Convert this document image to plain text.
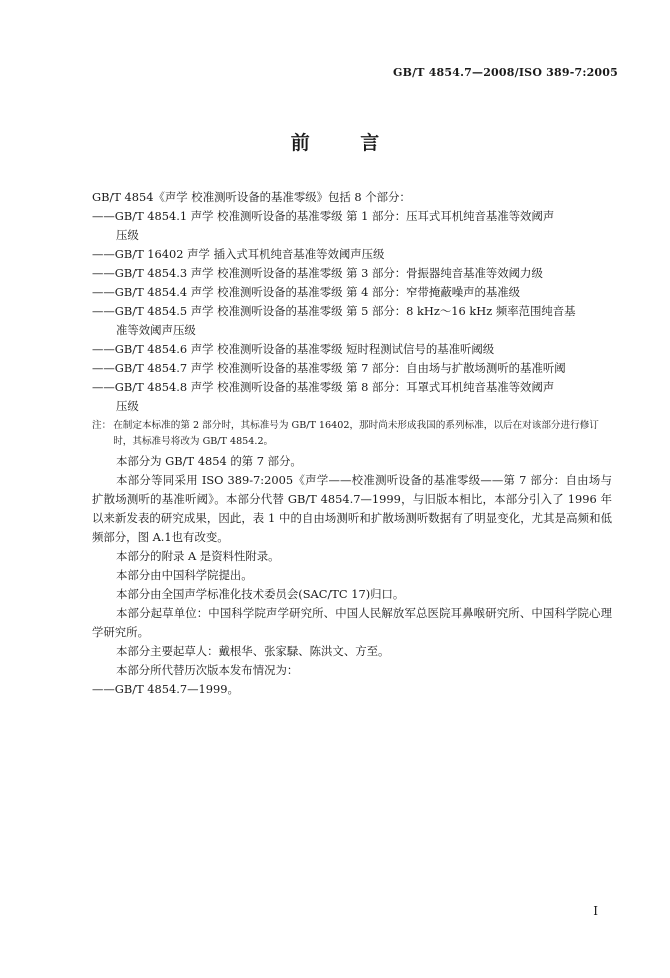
GB/T 4854.7—2008/ISO 389-7:2005
前 言

GB/T 4854《声学 校准测听设备的基准零级》包括 8 个部分：

——GB/T 4854.1 声学 校准测听设备的基准零级 第 1 部分：压耳式耳机纯音基准等效阈声
压级
——GB/T 16402 声学 插入式耳机纯音基准等效阈声压级
——GB/T 4854.3 声学 校准测听设备的基准零级 第 3 部分：骨振器纯音基准等效阈力级
——GB/T 4854.4 声学 校准测听设备的基准零级 第 4 部分：窄带掩蔽噪声的基准级
——GB/T 4854.5 声学 校准测听设备的基准零级 第 5 部分：8 kHz～16 kHz 频率范围纯音基
准等效阈声压级
——GB/T 4854.6 声学 校准测听设备的基准零级 短时程测试信号的基准听阈级
——GB/T 4854.7 声学 校准测听设备的基准零级 第 7 部分：自由场与扩散场测听的基准听阈
——GB/T 4854.8 声学 校准测听设备的基准零级 第 8 部分：耳罩式耳机纯音基准等效阈声
压级
注： 在制定本标准的第 2 部分时，其标准号为 GB/T 16402，那时尚未形成我国的系列标准，以后在对该部分进行修订时，其标准号将改为 GB/T 4854.2。

本部分为 GB/T 4854 的第 7 部分。

本部分等同采用 ISO 389-7:2005《声学——校准测听设备的基准零级——第 7 部分：自由场与扩散场测听的基准听阈》。本部分代替 GB/T 4854.7—1999，与旧版本相比，本部分引入了 1996 年以来新发表的研究成果，因此，表 1 中的自由场测听和扩散场测听数据有了明显变化，尤其是高频和低频部分，图 A.1也有改变。

本部分的附录 A 是资料性附录。

本部分由中国科学院提出。

本部分由全国声学标准化技术委员会(SAC/TC 17)归口。

本部分起草单位：中国科学院声学研究所、中国人民解放军总医院耳鼻喉研究所、中国科学院心理学研究所。

本部分主要起草人：戴根华、张家騄、陈洪文、方至。

本部分所代替历次版本发布情况为：

——GB/T 4854.7—1999。

I
